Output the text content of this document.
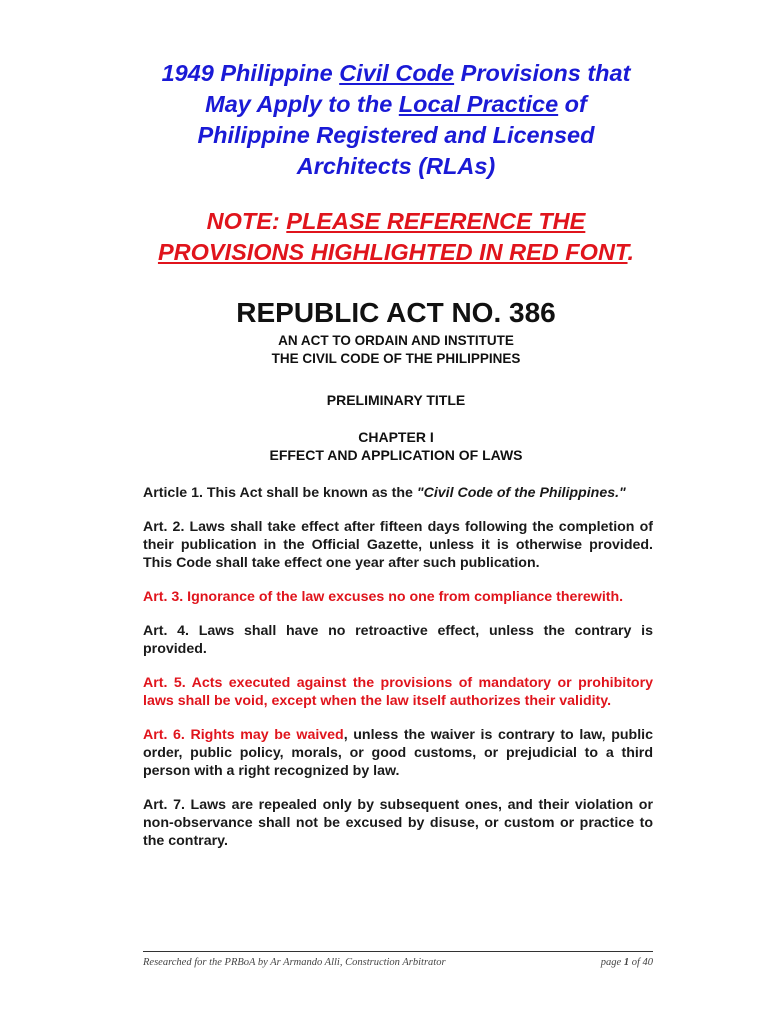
1949 Philippine Civil Code Provisions that
May Apply to the Local Practice of
Philippine Registered and Licensed
Architects (RLAs)
NOTE: PLEASE REFERENCE THE
PROVISIONS HIGHLIGHTED IN RED FONT.
REPUBLIC ACT NO. 386
AN ACT TO ORDAIN AND INSTITUTE
THE CIVIL CODE OF THE PHILIPPINES
PRELIMINARY TITLE
CHAPTER I
EFFECT AND APPLICATION OF LAWS

Article 1. This Act shall be known as the "Civil Code of the Philippines."

Art. 2. Laws shall take effect after fifteen days following the completion of their publication in the Official Gazette, unless it is otherwise provided. This Code shall take effect one year after such publication.

Art. 3. Ignorance of the law excuses no one from compliance therewith.

Art. 4. Laws shall have no retroactive effect, unless the contrary is provided.

Art. 5. Acts executed against the provisions of mandatory or prohibitory laws shall be void, except when the law itself authorizes their validity.

Art. 6. Rights may be waived, unless the waiver is contrary to law, public order, public policy, morals, or good customs, or prejudicial to a third person with a right recognized by law.

Art. 7. Laws are repealed only by subsequent ones, and their violation or non-observance shall not be excused by disuse, or custom or practice to the contrary.

Researched for the PRBoA by Ar Armando Alli, Construction Arbitrator	page 1 of 40
